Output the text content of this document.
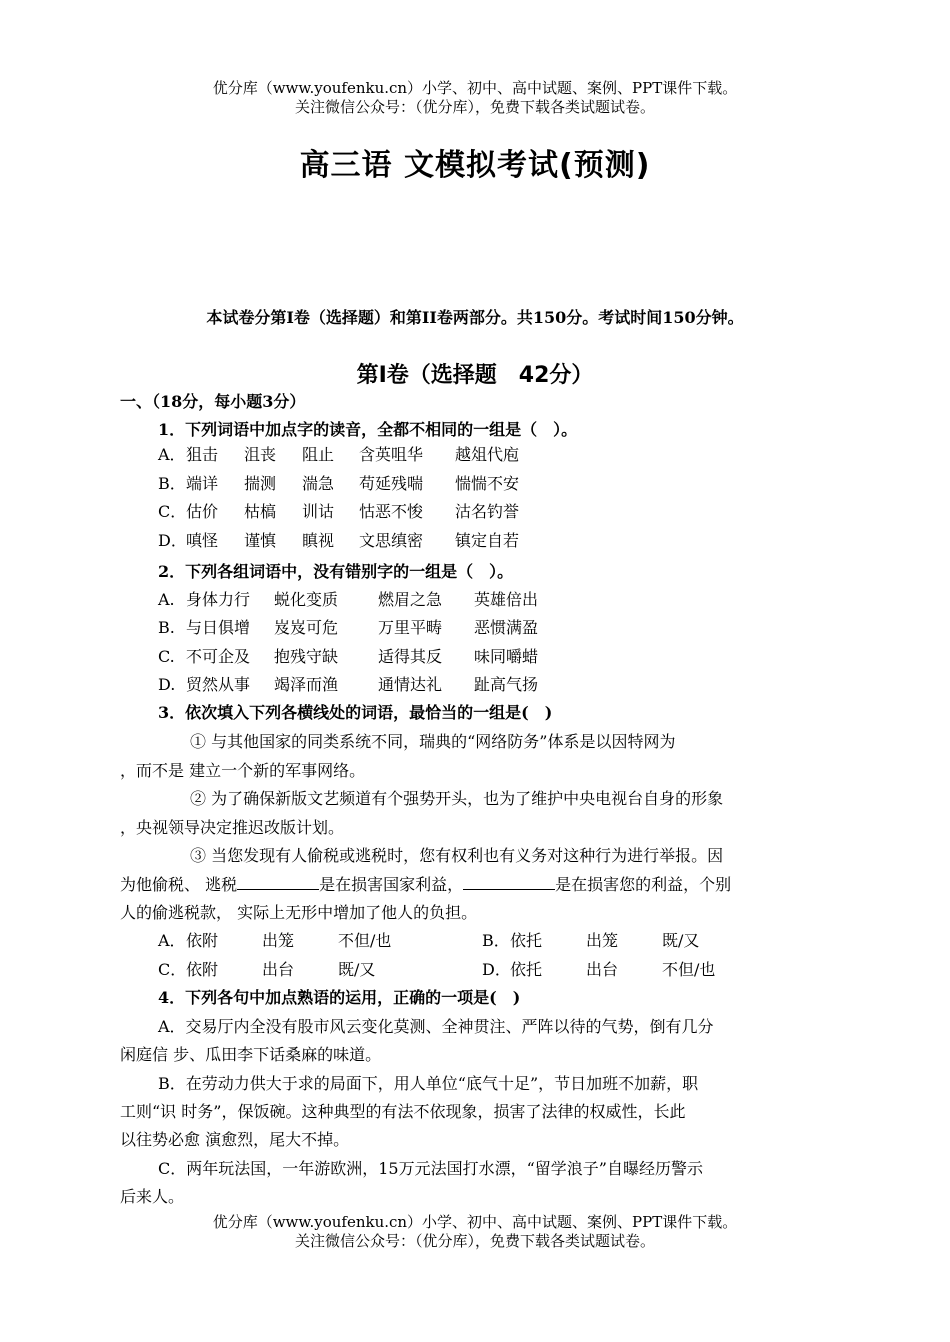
优分库（www.youfenku.cn）小学、初中、高中试题、案例、PPT课件下载。
关注微信公众号：（优分库），免费下载各类试题试卷。
高三语 文模拟考试(预测)
本试卷分第Ⅰ卷（选择题）和第II卷两部分。共150分。考试时间150分钟。
第Ⅰ卷（选择题　42分）
一、（18分，每小题3分）
1．下列词语中加点字的读音，全都不相同的一组是（　）。
A．狙击 沮丧 阻止 含英咀华 越俎代庖
B．端详 揣测 湍急 苟延残喘 惴惴不安
C．估价 枯槁 训诂 怙恶不悛 沽名钓誉
D．嗔怪 谨慎 瞋视 文思缜密 镇定自若
2．下列各组词语中，没有错别字的一组是（　）。
A. 身体力行 蜕化变质 燃眉之急 英雄倍出
B. 与日俱增 岌岌可危 万里平畴 恶惯满盈
C. 不可企及 抱残守缺 适得其反 味同嚼蜡
D. 贸然从事 竭泽而渔 通情达礼 趾高气扬
3．依次填入下列各横线处的词语，最恰当的一组是(　)
① 与其他国家的同类系统不同，瑞典的“网络防务”体系是以因特网为
，而不是 建立一个新的军事网络。
② 为了确保新版文艺频道有个强势开头，也为了维护中央电视台自身的形象
，央视领导决定推迟改版计划。
③ 当您发现有人偷税或逃税时，您有权利也有义务对这种行为进行举报。因
为他偷税、 逃税	是在损害国家利益，	是在损害您的利益，个别
人的偷逃税款， 实际上无形中增加了他人的负担。
A．依附	出笼	不但/也	B．依托	出笼	既/又
C．依附	出台	既/又	D．依托	出台	不但/也
4．下列各句中加点熟语的运用，正确的一项是(　)
A．交易厅内全没有股市风云变化莫测、全神贯注、严阵以待的气势，倒有几分
闲庭信 步、瓜田李下话桑麻的味道。
B．在劳动力供大于求的局面下，用人单位“底气十足”，节日加班不加薪，职
工则“识 时务”，保饭碗。这种典型的有法不依现象，损害了法律的权威性，长此
以往势必愈 演愈烈，尾大不掉。
C．两年玩法国，一年游欧洲，15万元法国打水漂，“留学浪子”自曝经历警示
后来人。
优分库（www.youfenku.cn）小学、初中、高中试题、案例、PPT课件下载。
关注微信公众号：（优分库），免费下载各类试题试卷。
